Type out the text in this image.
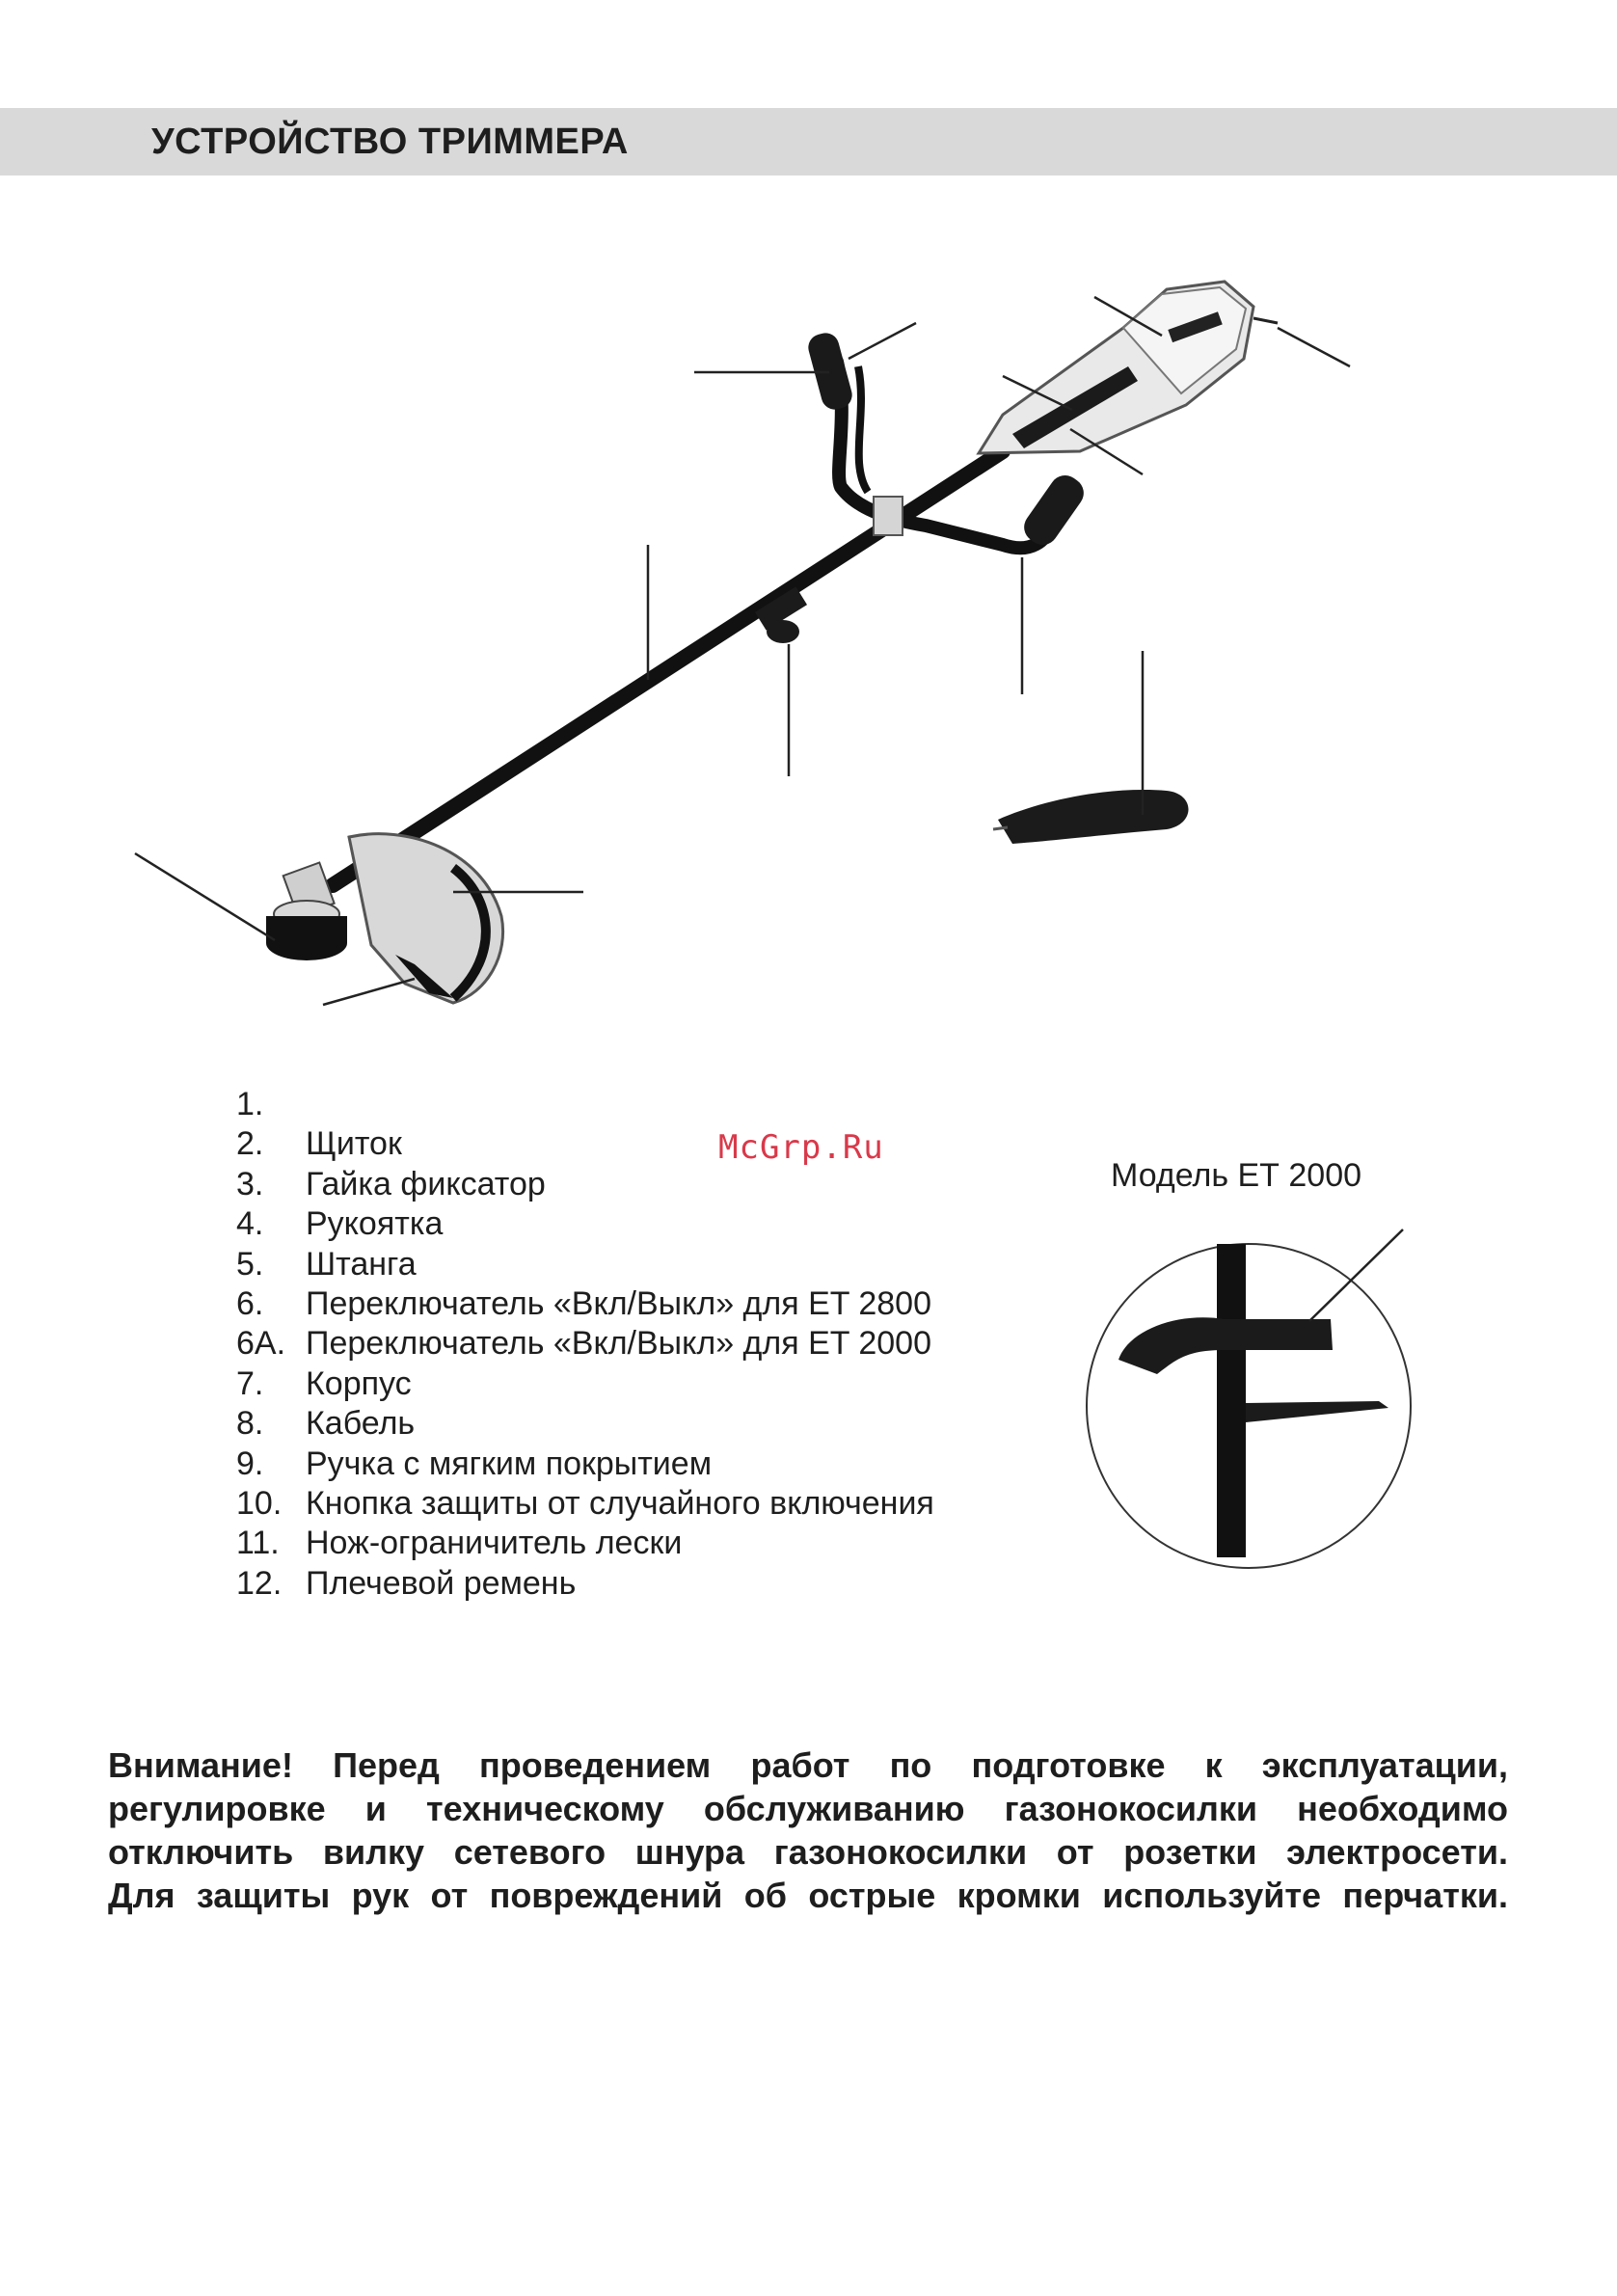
УСТРОЙСТВО ТРИММЕРА
1.
2. Щиток
3. Гайка фиксатор
4. Рукоятка
5. Штанга
6. Переключатель «Вкл/Выкл» для ET 2800
6A. Переключатель «Вкл/Выкл» для ET 2000
7. Корпус
8. Кабель
9. Ручка с мягким покрытием
10. Кнопка защиты от случайного включения
11. Нож-ограничитель лески
12. Плечевой ремень
McGrp.Ru
Модель ЕТ 2000

Внимание! Перед проведением работ по подготовке к эксплуатации,

регулировке и техническому обслуживанию газонокосилки необходимо

отключить вилку сетевого шнура газонокосилки от розетки электросети.

Для защиты рук от повреждений об острые кромки используйте перчатки.
